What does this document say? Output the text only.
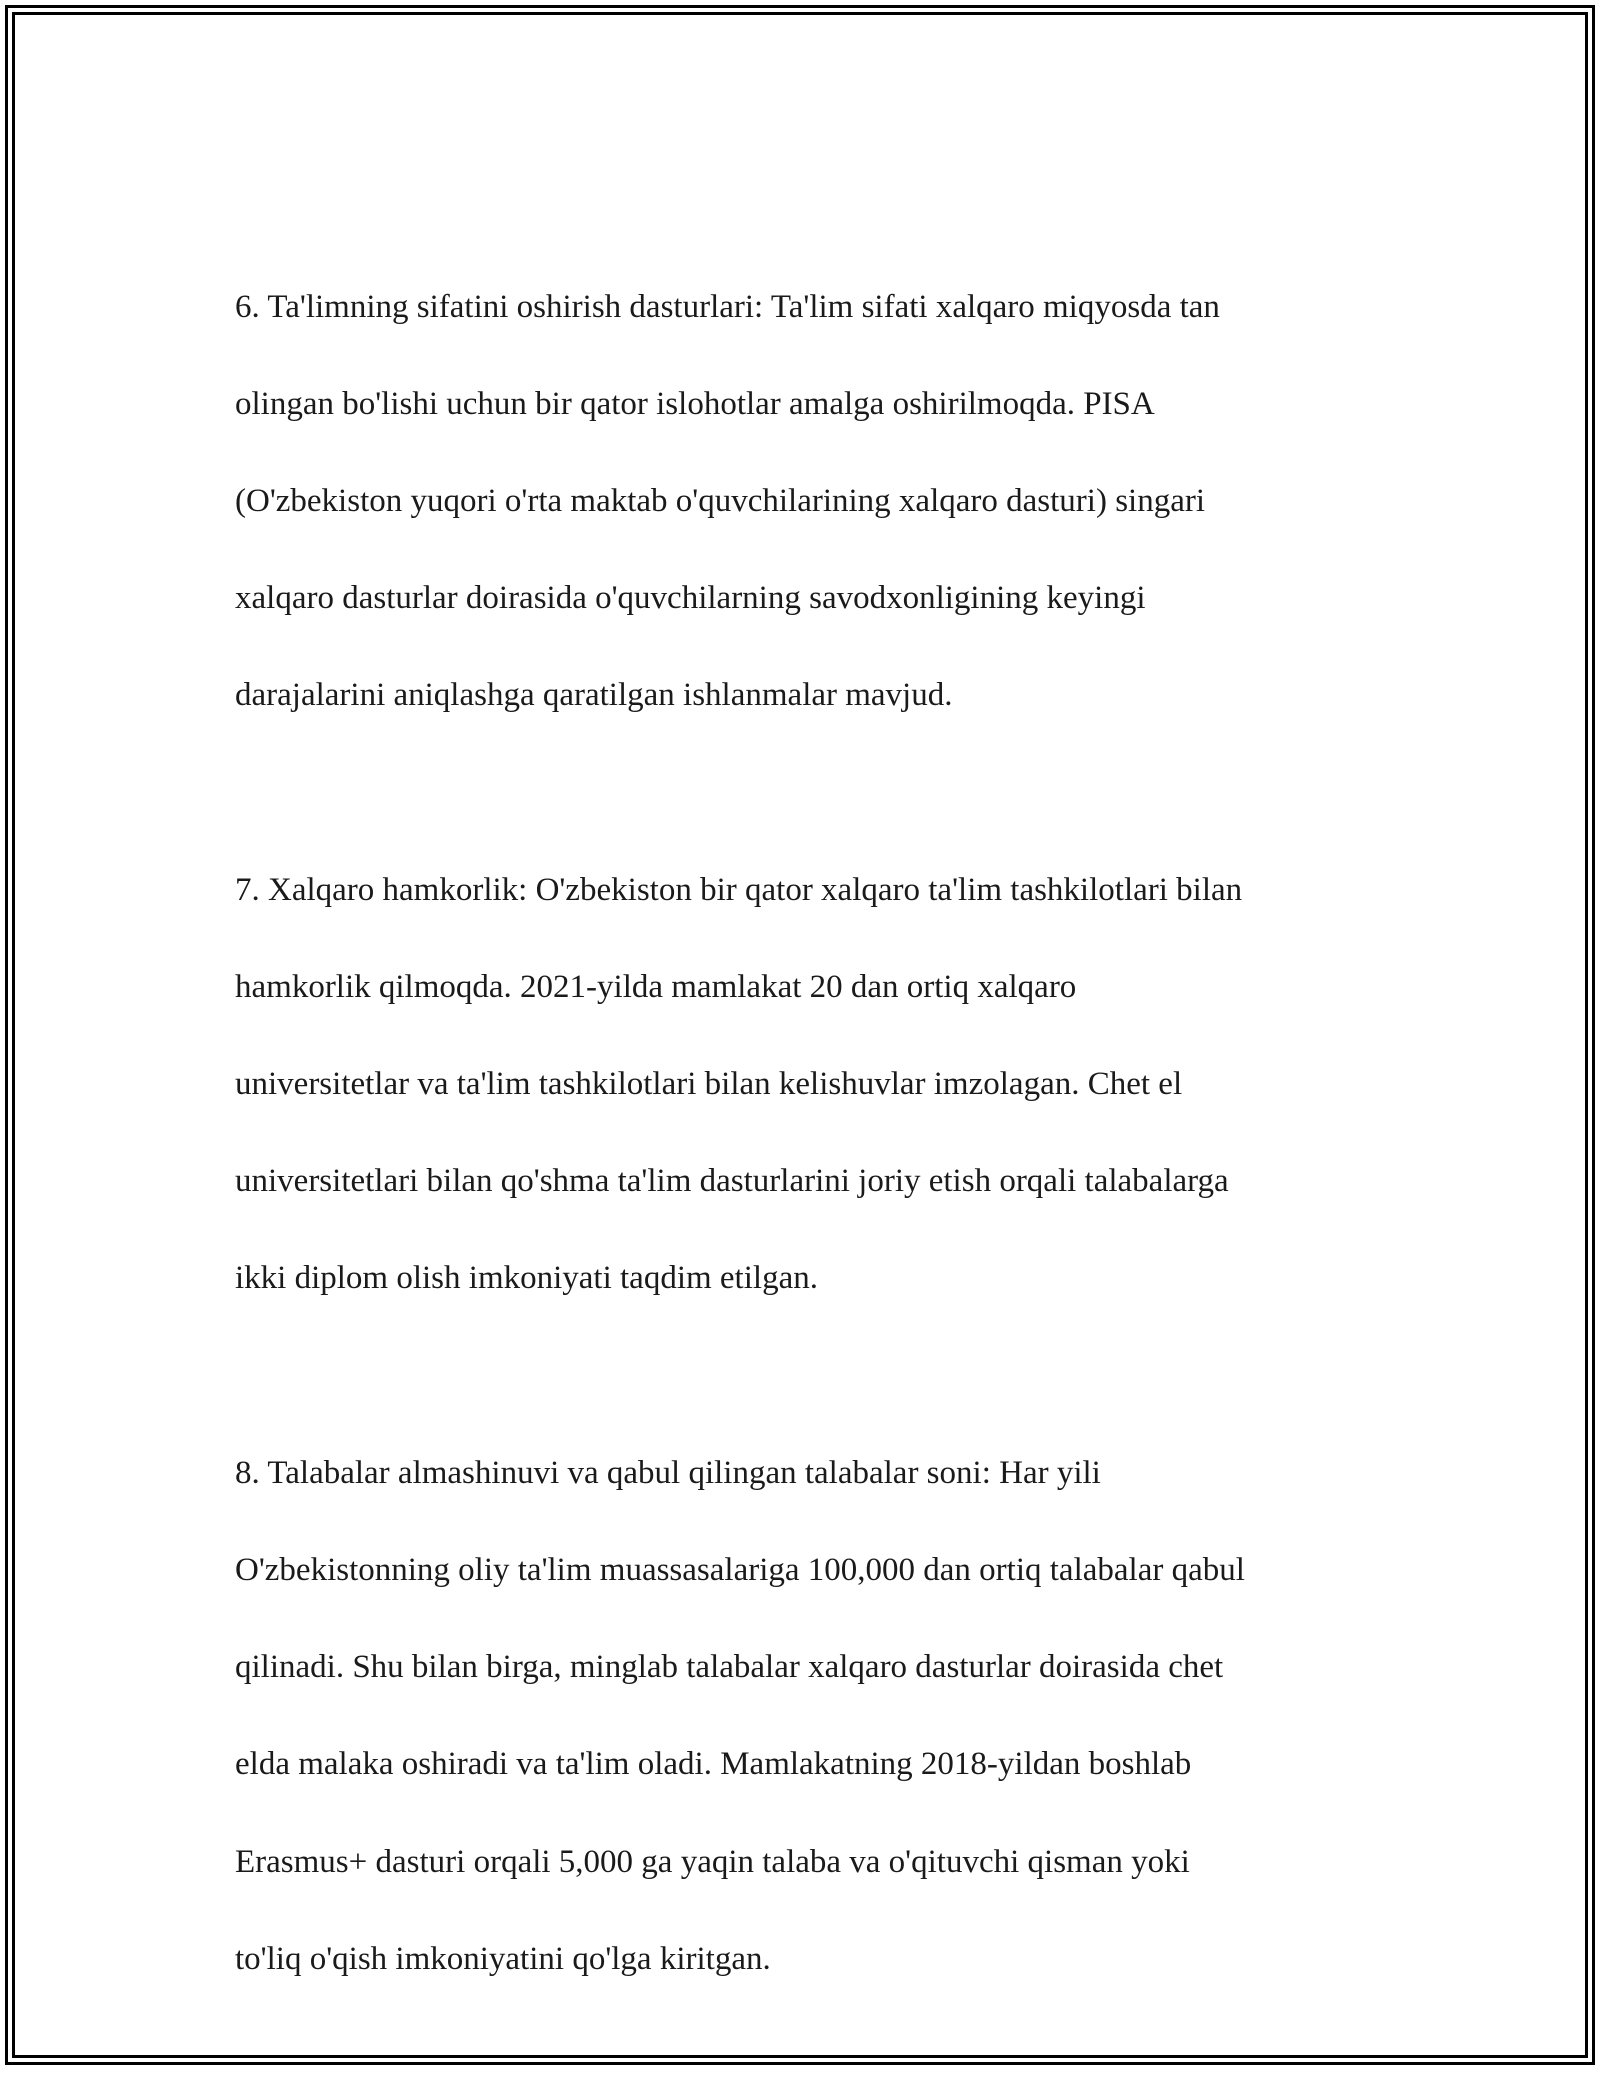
6. Ta'limning sifatini oshirish dasturlari: Ta'lim sifati xalqaro miqyosda tan

olingan bo'lishi uchun bir qator islohotlar amalga oshirilmoqda. PISA

(O'zbekiston yuqori o'rta maktab o'quvchilarining xalqaro dasturi) singari

xalqaro dasturlar doirasida o'quvchilarning savodxonligining keyingi

darajalarini aniqlashga qaratilgan ishlanmalar mavjud.

7. Xalqaro hamkorlik: O'zbekiston bir qator xalqaro ta'lim tashkilotlari bilan

hamkorlik qilmoqda. 2021-yilda mamlakat 20 dan ortiq xalqaro

universitetlar va ta'lim tashkilotlari bilan kelishuvlar imzolagan. Chet el

universitetlari bilan qo'shma ta'lim dasturlarini joriy etish orqali talabalarga

ikki diplom olish imkoniyati taqdim etilgan.

8. Talabalar almashinuvi va qabul qilingan talabalar soni: Har yili

O'zbekistonning oliy ta'lim muassasalariga 100,000 dan ortiq talabalar qabul

qilinadi. Shu bilan birga, minglab talabalar xalqaro dasturlar doirasida chet

elda malaka oshiradi va ta'lim oladi. Mamlakatning 2018-yildan boshlab

Erasmus+ dasturi orqali 5,000 ga yaqin talaba va o'qituvchi qisman yoki

to'liq o'qish imkoniyatini qo'lga kiritgan.
